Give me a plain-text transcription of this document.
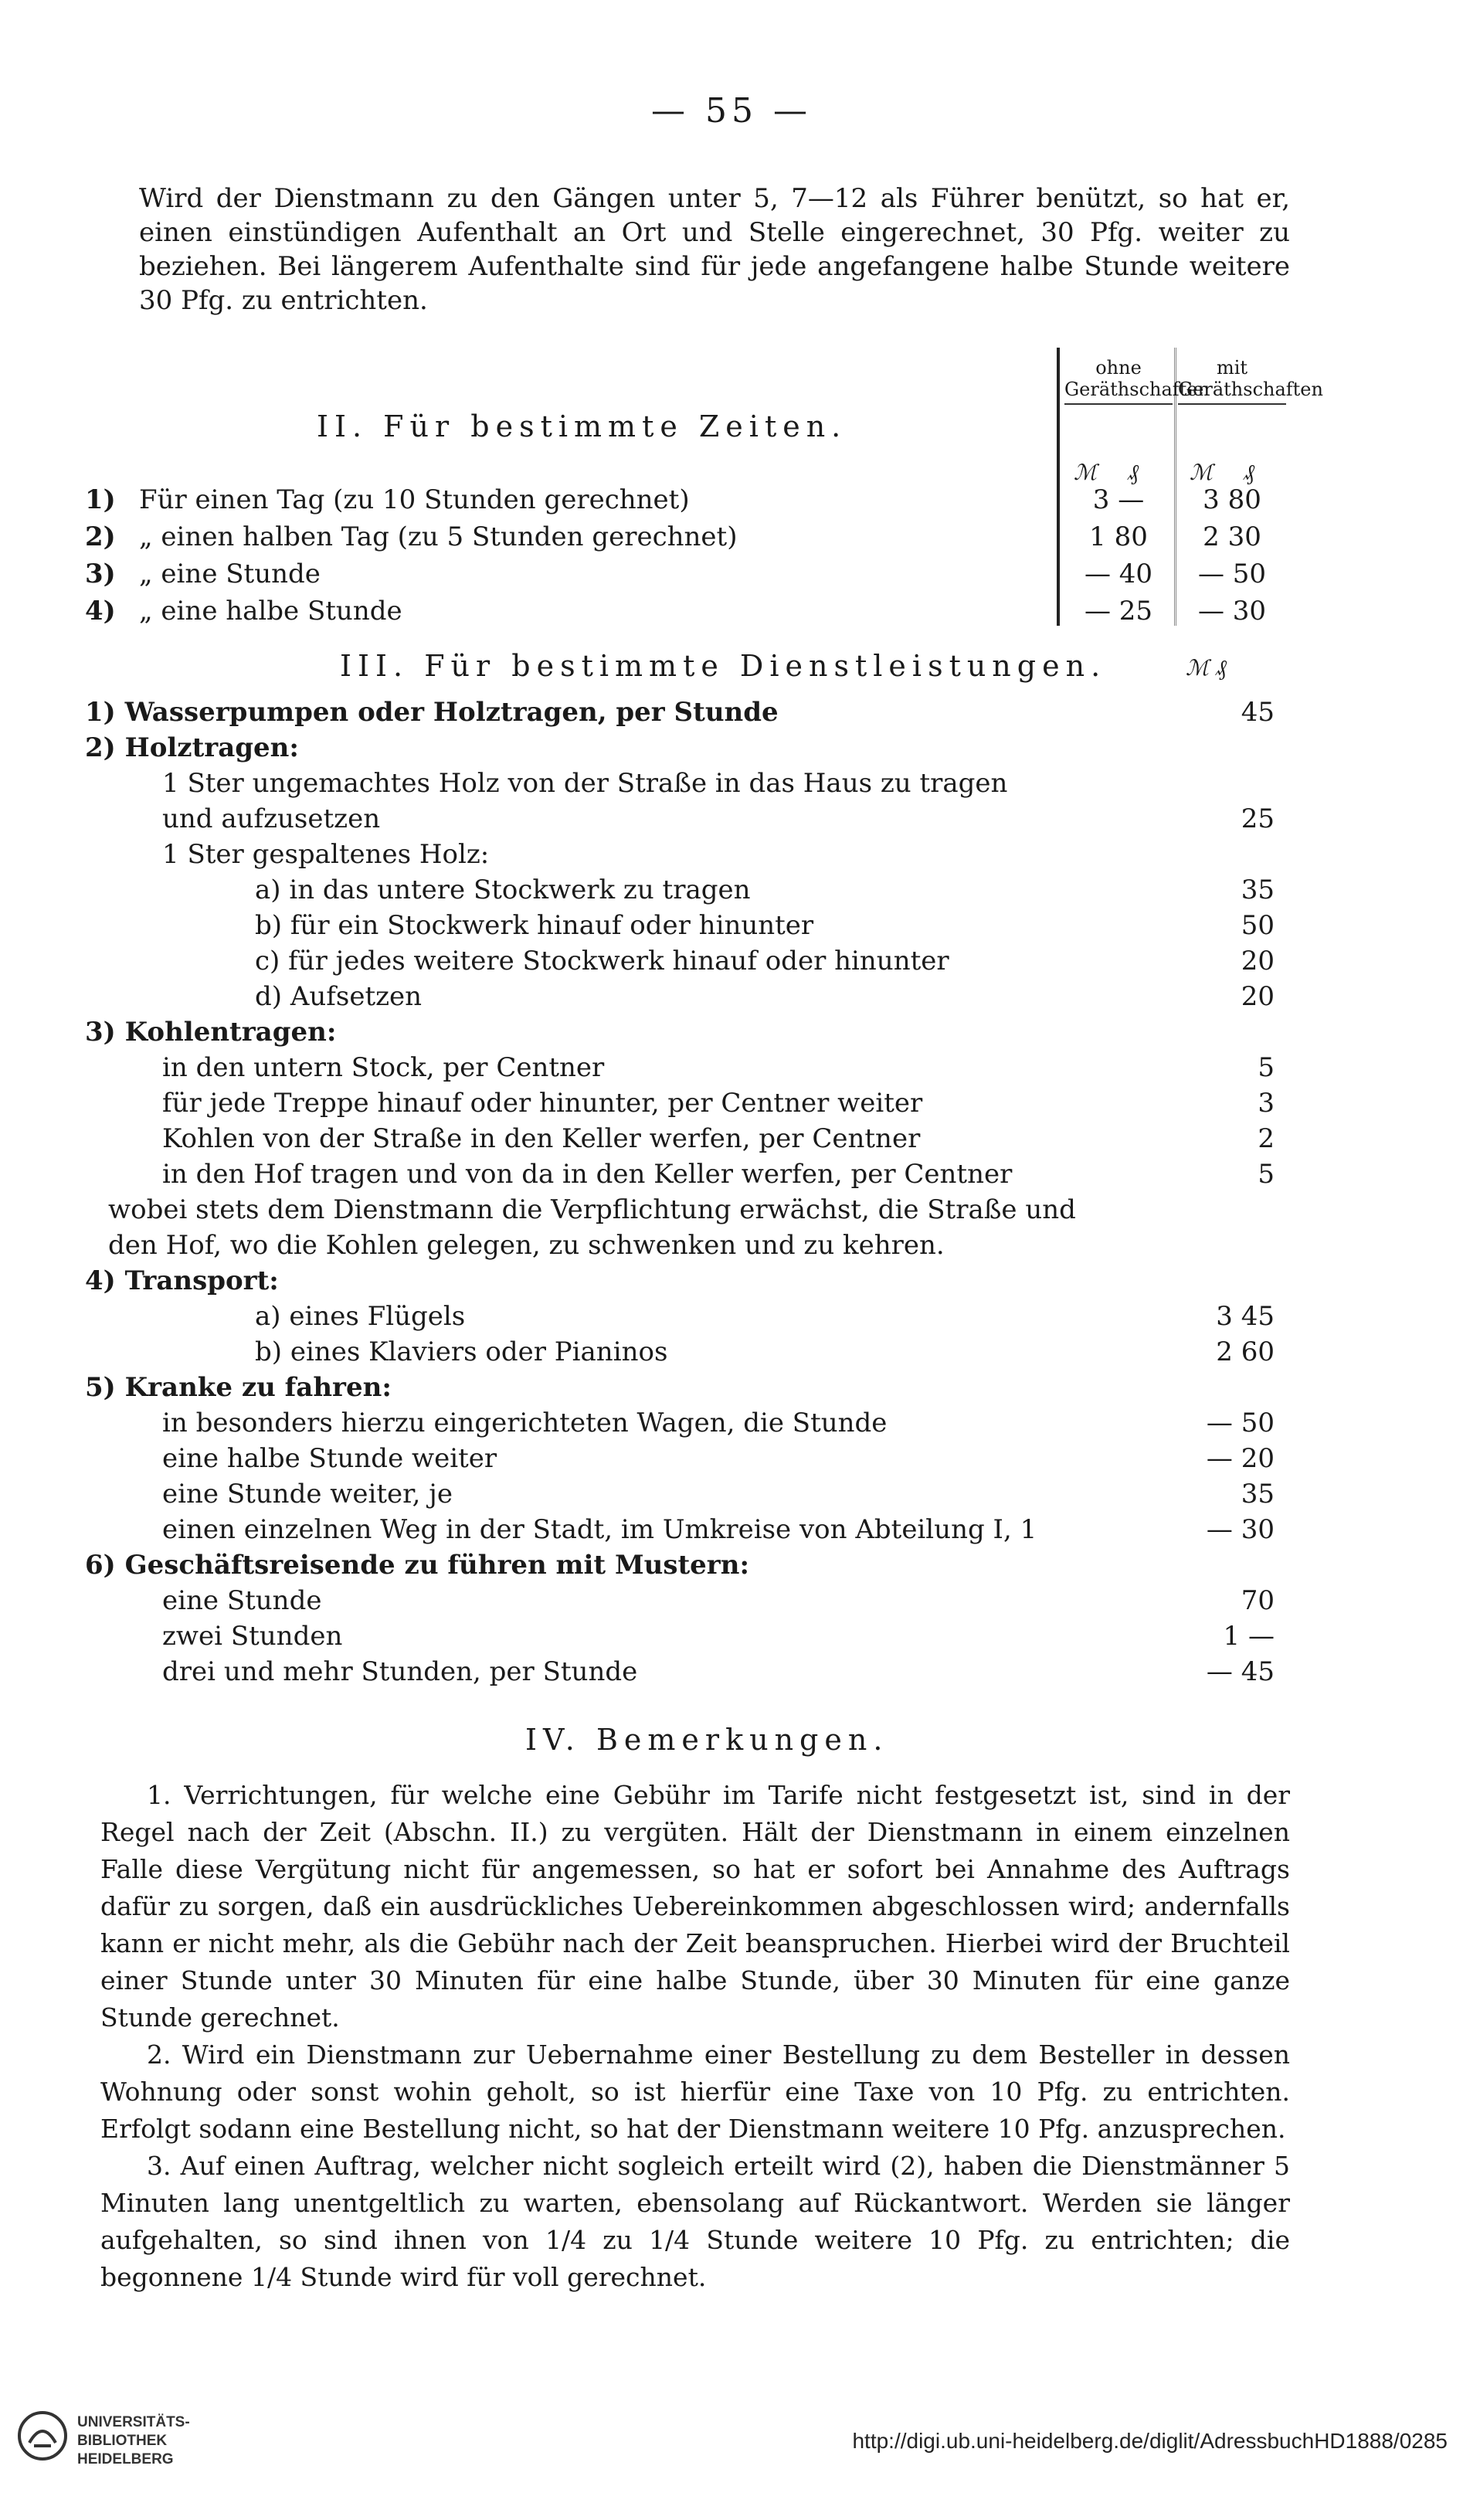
— 55 —
Wird der Dienstmann zu den Gängen unter 5, 7—12 als Führer benützt, so hat er, einen einstündigen Aufenthalt an Ort und Stelle eingerechnet, 30 Pfg. weiter zu beziehen. Bei längerem Aufenthalte sind für jede angefangene halbe Stunde weitere 30 Pfg. zu entrichten.
II. Für bestimmte Zeiten.
ohne Geräthschaften
mit Geräthschaften
ℳ ₰ ℳ ₰
1) Für einen Tag (zu 10 Stunden gerechnet)	3 —	3 80
2) „ einen halben Tag (zu 5 Stunden gerechnet)	1 80	2 30
3) „ eine Stunde	— 40	— 50
4) „ eine halbe Stunde	— 25	— 30
III. Für bestimmte Dienstleistungen.	ℳ ₰
1) Wasserpumpen oder Holztragen, per Stunde	45
2) Holztragen:
1 Ster ungemachtes Holz von der Straße in das Haus zu tragen
und aufzusetzen	25
1 Ster gespaltenes Holz:
a) in das untere Stockwerk zu tragen	35
b) für ein Stockwerk hinauf oder hinunter	50
c) für jedes weitere Stockwerk hinauf oder hinunter	20
d) Aufsetzen	20
3) Kohlentragen:
in den untern Stock, per Centner	5
für jede Treppe hinauf oder hinunter, per Centner weiter	3
Kohlen von der Straße in den Keller werfen, per Centner	2
in den Hof tragen und von da in den Keller werfen, per Centner	5
wobei stets dem Dienstmann die Verpflichtung erwächst, die Straße und
den Hof, wo die Kohlen gelegen, zu schwenken und zu kehren.
4) Transport:
a) eines Flügels	3 45
b) eines Klaviers oder Pianinos	2 60
5) Kranke zu fahren:
in besonders hierzu eingerichteten Wagen, die Stunde	— 50
eine halbe Stunde weiter	— 20
eine Stunde weiter, je	35
einen einzelnen Weg in der Stadt, im Umkreise von Abteilung I, 1	— 30
6) Geschäftsreisende zu führen mit Mustern:
eine Stunde	70
zwei Stunden	1 —
drei und mehr Stunden, per Stunde	— 45
IV. Bemerkungen.

1. Verrichtungen, für welche eine Gebühr im Tarife nicht festgesetzt ist, sind in der Regel nach der Zeit (Abschn. II.) zu vergüten. Hält der Dienstmann in einem einzelnen Falle diese Vergütung nicht für angemessen, so hat er sofort bei Annahme des Auftrags dafür zu sorgen, daß ein ausdrückliches Uebereinkommen abgeschlossen wird; andernfalls kann er nicht mehr, als die Gebühr nach der Zeit beanspruchen. Hierbei wird der Bruchteil einer Stunde unter 30 Minuten für eine halbe Stunde, über 30 Minuten für eine ganze Stunde gerechnet.

2. Wird ein Dienstmann zur Uebernahme einer Bestellung zu dem Besteller in dessen Wohnung oder sonst wohin geholt, so ist hierfür eine Taxe von 10 Pfg. zu entrichten. Erfolgt sodann eine Bestellung nicht, so hat der Dienstmann weitere 10 Pfg. anzusprechen.

3. Auf einen Auftrag, welcher nicht sogleich erteilt wird (2), haben die Dienstmänner 5 Minuten lang unentgeltlich zu warten, ebensolang auf Rückantwort. Werden sie länger aufgehalten, so sind ihnen von 1/4 zu 1/4 Stunde weitere 10 Pfg. zu entrichten; die begonnene 1/4 Stunde wird für voll gerechnet.

UNIVERSITÄTS-
BIBLIOTHEK
HEIDELBERG
http://digi.ub.uni-heidelberg.de/diglit/AdressbuchHD1888/0285
